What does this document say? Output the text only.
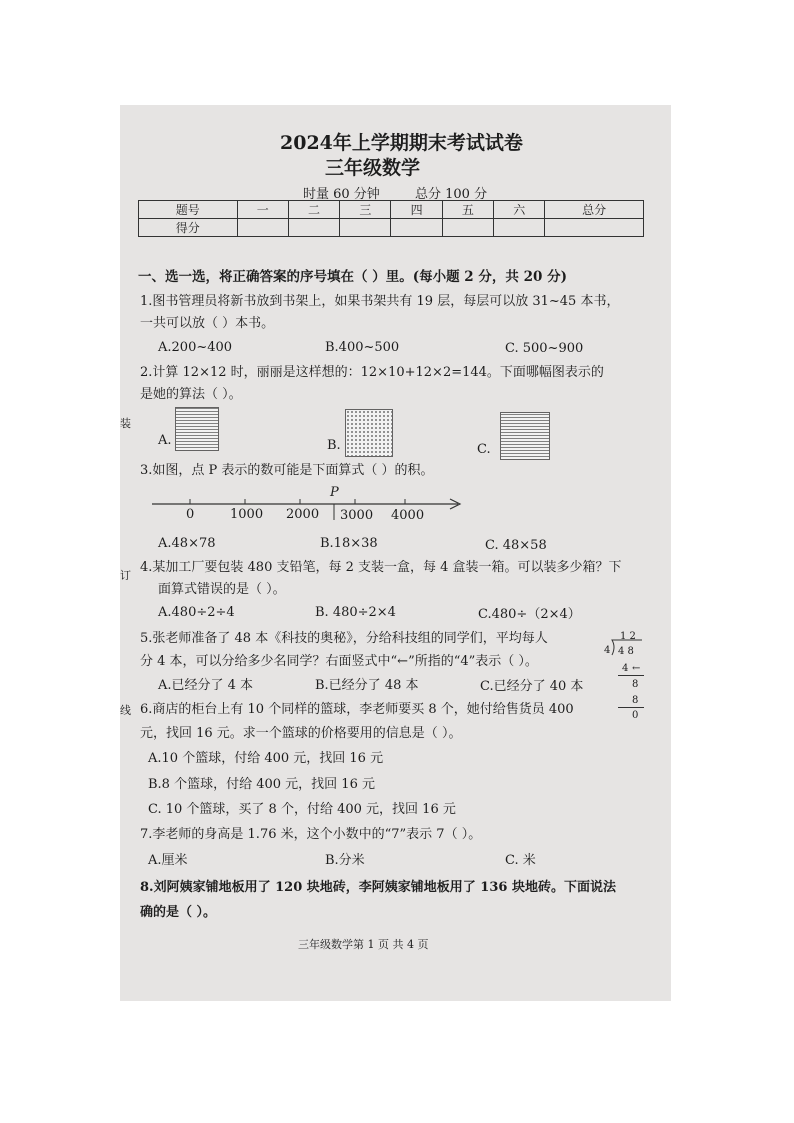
2024年上学期期末考试试卷
三年级数学
时量 60 分钟	总分 100 分
题号	一	二	三	四	五	六	总分
得分							
一、选一选，将正确答案的序号填在（ ）里。(每小题 2 分，共 20 分)
1.图书管理员将新书放到书架上，如果书架共有 19 层，每层可以放 31~45 本书，
一共可以放（ ）本书。
A.200~400	B.400~500	C. 500~900
2.计算 12×12 时，丽丽是这样想的：12×10+12×2=144。下面哪幅图表示的
是她的算法（ ）。
A.	B.	C.
3.如图，点 P 表示的数可能是下面算式（ ）的积。
P
0	1000 2000 3000 4000
A.48×78	B.18×38	C. 48×58
4.某加工厂要包装 480 支铅笔，每 2 支装一盒，每 4 盒装一箱。可以装多少箱？下
面算式错误的是（ ）。
A.480÷2÷4	B. 480÷2×4	C.480÷（2×4）
5.张老师准备了 48 本《科技的奥秘》，分给科技组的同学们，平均每人
分 4 本，可以分给多少名同学？右面竖式中“←”所指的“4”表示（ ）。
A.已经分了 4 本	B.已经分了 48 本	C.已经分了 40 本
1 2
4 4 8
4 ←
8
8
0
6.商店的柜台上有 10 个同样的篮球，李老师要买 8 个，她付给售货员 400
元，找回 16 元。求一个篮球的价格要用的信息是（ ）。
A.10 个篮球，付给 400 元，找回 16 元
B.8 个篮球，付给 400 元，找回 16 元
C. 10 个篮球，买了 8 个，付给 400 元，找回 16 元
7.李老师的身高是 1.76 米，这个小数中的“7”表示 7（ ）。
A.厘米	B.分米	C. 米
8.刘阿姨家铺地板用了 120 块地砖，李阿姨家铺地板用了 136 块地砖。下面说法
确的是（ ）。
三年级数学第 1 页 共 4 页
装
订
线
